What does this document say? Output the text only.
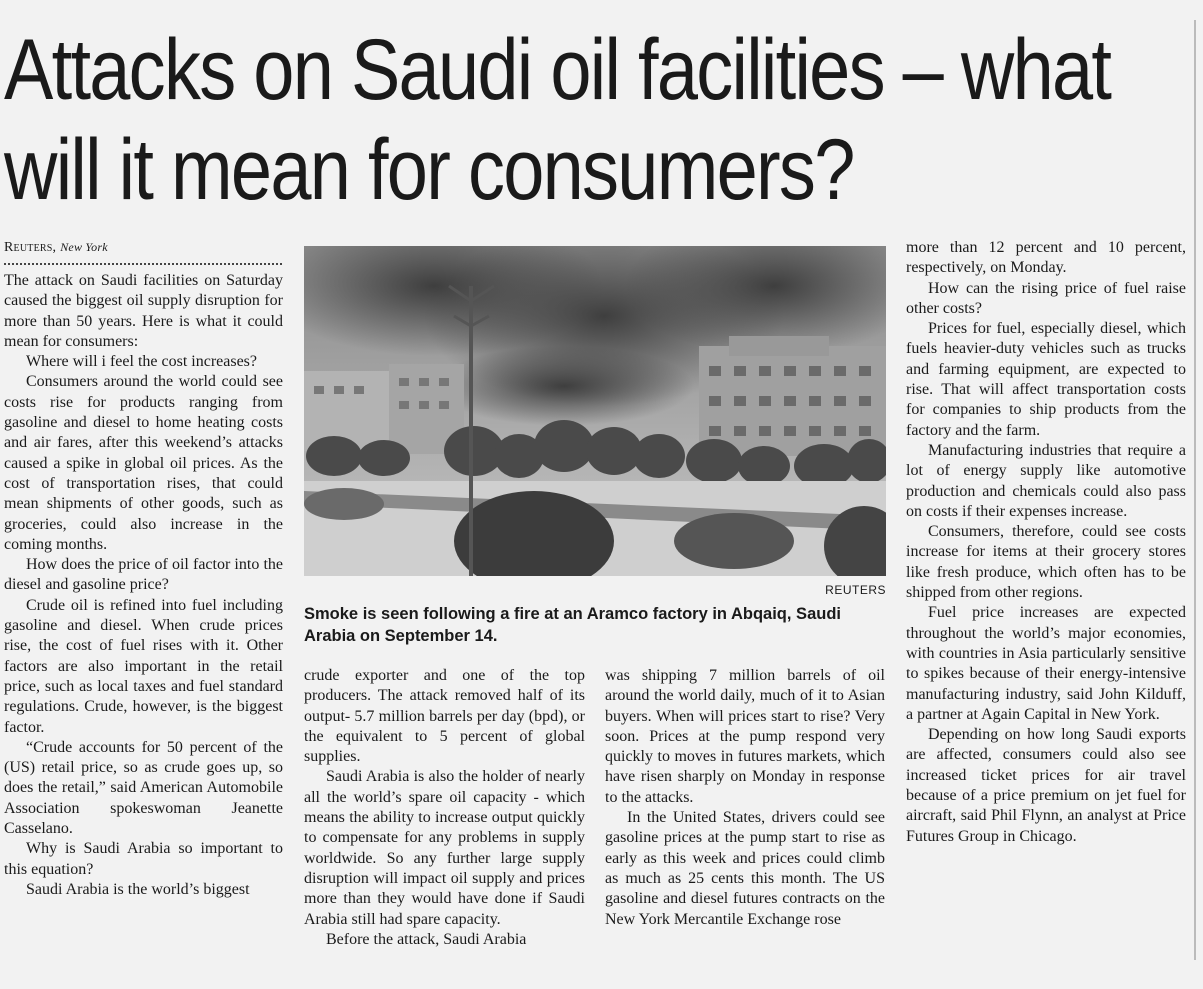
Attacks on Saudi oil facilities – what
will it mean for consumers?
Reuters, New York

The attack on Saudi facilities on Saturday caused the biggest oil supply disruption for more than 50 years. Here is what it could mean for consumers:

Where will i feel the cost increases?

Consumers around the world could see costs rise for products ranging from gasoline and diesel to home heating costs and air fares, after this weekend’s attacks caused a spike in global oil prices. As the cost of transportation rises, that could mean shipments of other goods, such as groceries, could also increase in the coming months.

How does the price of oil factor into the diesel and gasoline price?

Crude oil is refined into fuel including gasoline and diesel. When crude prices rise, the cost of fuel rises with it. Other factors are also important in the retail price, such as local taxes and fuel standard regulations. Crude, however, is the biggest factor.

“Crude accounts for 50 percent of the (US) retail price, so as crude goes up, so does the retail,” said American Automobile Association spokeswoman Jeanette Casselano.

Why is Saudi Arabia so important to this equation?

Saudi Arabia is the world’s biggest

REUTERS
Smoke is seen following a fire at an Aramco factory in Abqaiq, Saudi Arabia on September 14.

crude exporter and one of the top producers. The attack removed half of its output- 5.7 million barrels per day (bpd), or the equivalent to 5 percent of global supplies.

Saudi Arabia is also the holder of nearly all the world’s spare oil capacity - which means the ability to increase output quickly to compensate for any problems in supply worldwide. So any further large supply disruption will impact oil supply and prices more than they would have done if Saudi Arabia still had spare capacity.

Before the attack, Saudi Arabia

was shipping 7 million barrels of oil around the world daily, much of it to Asian buyers. When will prices start to rise? Very soon. Prices at the pump respond very quickly to moves in futures markets, which have risen sharply on Monday in response to the attacks.

In the United States, drivers could see gasoline prices at the pump start to rise as early as this week and prices could climb as much as 25 cents this month. The US gasoline and diesel futures contracts on the New York Mercantile Exchange rose

more than 12 percent and 10 percent, respectively, on Monday.

How can the rising price of fuel raise other costs?

Prices for fuel, especially diesel, which fuels heavier-duty vehicles such as trucks and farming equipment, are expected to rise. That will affect transportation costs for companies to ship products from the factory and the farm.

Manufacturing industries that require a lot of energy supply like automotive production and chemicals could also pass on costs if their expenses increase.

Consumers, therefore, could see costs increase for items at their grocery stores like fresh produce, which often has to be shipped from other regions.

Fuel price increases are expected throughout the world’s major economies, with countries in Asia particularly sensitive to spikes because of their energy-intensive manufacturing industry, said John Kilduff, a partner at Again Capital in New York.

Depending on how long Saudi exports are affected, consumers could also see increased ticket prices for air travel because of a price premium on jet fuel for aircraft, said Phil Flynn, an analyst at Price Futures Group in Chicago.
